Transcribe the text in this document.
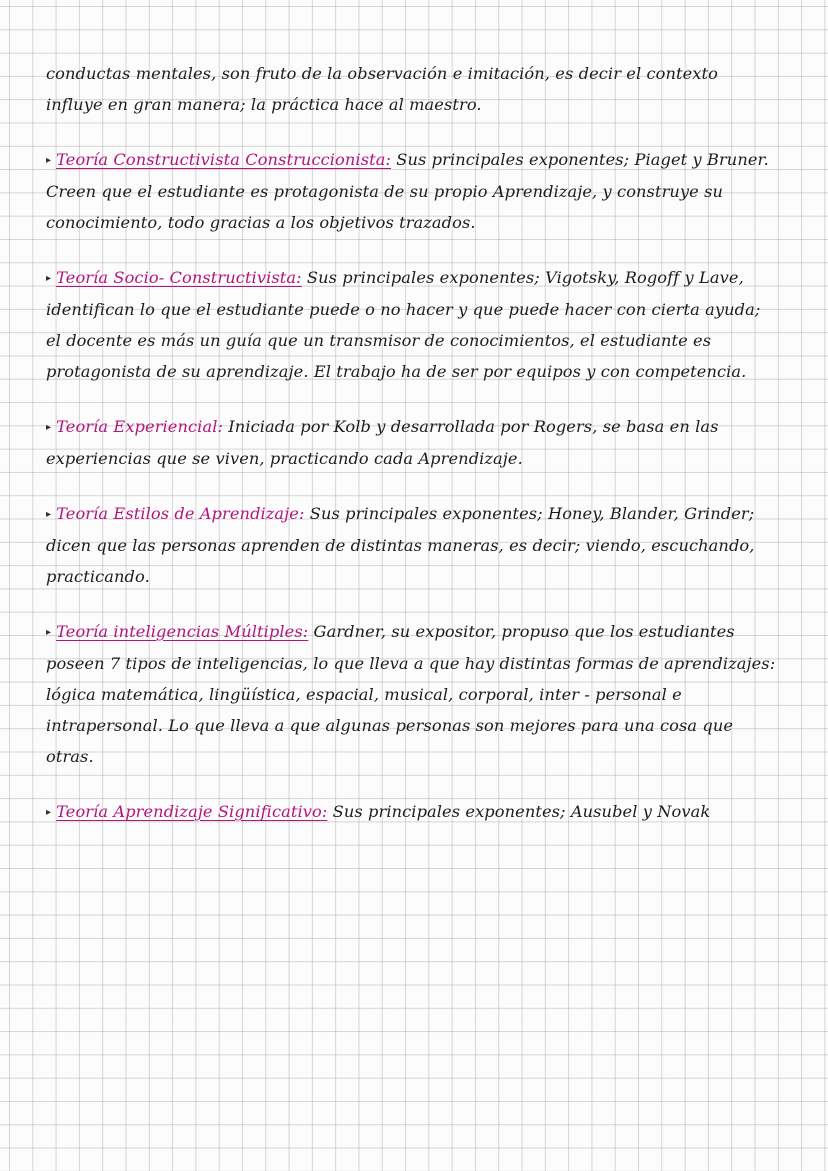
conductas mentales, son fruto de la observación e imitación, es decir el contexto influye en gran manera; la práctica hace al maestro.

▸ Teoría Constructivista Construccionista: Sus principales exponentes; Piaget y Bruner. Creen que el estudiante es protagonista de su propio Aprendizaje, y construye su conocimiento, todo gracias a los objetivos trazados.

▸ Teoría Socio- Constructivista: Sus principales exponentes; Vigotsky, Rogoff y Lave, identifican lo que el estudiante puede o no hacer y que puede hacer con cierta ayuda; el docente es más un guía que un transmisor de conocimientos, el estudiante es protagonista de su aprendizaje. El trabajo ha de ser por equipos y con competencia.

▸ Teoría Experiencial: Iniciada por Kolb y desarrollada por Rogers, se basa en las experiencias que se viven, practicando cada Aprendizaje.

▸ Teoría Estilos de Aprendizaje: Sus principales exponentes; Honey, Blander, Grinder; dicen que las personas aprenden de distintas maneras, es decir; viendo, escuchando, practicando.

▸ Teoría inteligencias Múltiples: Gardner, su expositor, propuso que los estudiantes poseen 7 tipos de inteligencias, lo que lleva a que hay distintas formas de aprendizajes: lógica matemática, lingüística, espacial, musical, corporal, inter - personal e intrapersonal. Lo que lleva a que algunas personas son mejores para una cosa que otras.

▸ Teoría Aprendizaje Significativo: Sus principales exponentes; Ausubel y Novak
